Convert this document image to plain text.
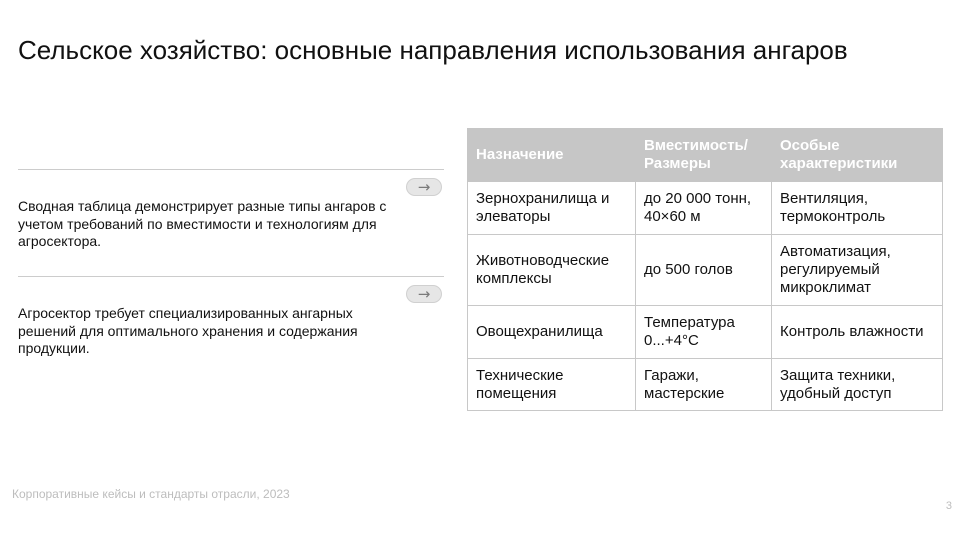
Сельское хозяйство: основные направления использования ангаров
→

Сводная таблица демонстрирует разные типы ангаров с учетом требований по вместимости и технологиям для агросектора.

→

Агросектор требует специализированных ангарных решений для оптимального хранения и содержания продукции.

Назначение	Вместимость/ Размеры	Особые характеристики
Зернохранилища и элеваторы	до 20 000 тонн, 40×60 м	Вентиляция, термоконтроль
Животноводческие комплексы	до 500 голов	Автоматизация, регулируемый микроклимат
Овощехранилища	Температура 0...+4°C	Контроль влажности
Технические помещения	Гаражи, мастерские	Защита техники, удобный доступ
Корпоративные кейсы и стандарты отрасли, 2023
3
